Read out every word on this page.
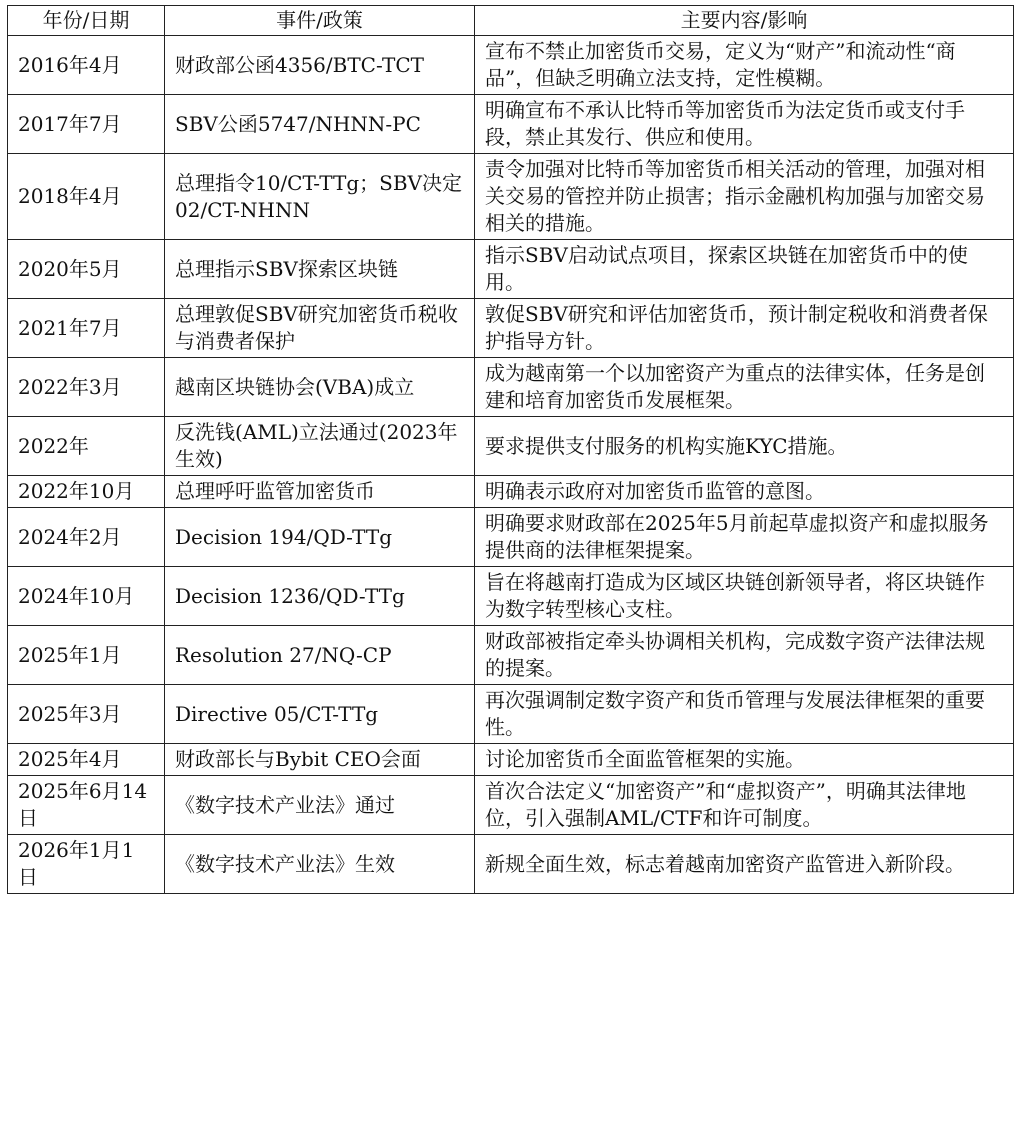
年份/日期	事件/政策	主要内容/影响
2016年4月	财政部公函4356/BTC-TCT	宣布不禁止加密货币交易，定义为“财产”和流动性“商品”，但缺乏明确立法支持，定性模糊。
2017年7月	SBV公函5747/NHNN-PC	明确宣布不承认比特币等加密货币为法定货币或支付手段，禁止其发行、供应和使用。
2018年4月	总理指令10/CT-TTg；SBV决定02/CT-NHNN	责令加强对比特币等加密货币相关活动的管理，加强对相关交易的管控并防止损害；指示金融机构加强与加密交易相关的措施。
2020年5月	总理指示SBV探索区块链	指示SBV启动试点项目，探索区块链在加密货币中的使用。
2021年7月	总理敦促SBV研究加密货币税收与消费者保护	敦促SBV研究和评估加密货币，预计制定税收和消费者保护指导方针。
2022年3月	越南区块链协会(VBA)成立	成为越南第一个以加密资产为重点的法律实体，任务是创建和培育加密货币发展框架。
2022年	反洗钱(AML)立法通过(2023年生效)	要求提供支付服务的机构实施KYC措施。
2022年10月	总理呼吁监管加密货币	明确表示政府对加密货币监管的意图。
2024年2月	Decision 194/QD-TTg	明确要求财政部在2025年5月前起草虚拟资产和虚拟服务提供商的法律框架提案。
2024年10月	Decision 1236/QD-TTg	旨在将越南打造成为区域区块链创新领导者，将区块链作为数字转型核心支柱。
2025年1月	Resolution 27/NQ-CP	财政部被指定牵头协调相关机构，完成数字资产法律法规的提案。
2025年3月	Directive 05/CT-TTg	再次强调制定数字资产和货币管理与发展法律框架的重要性。
2025年4月	财政部长与Bybit CEO会面	讨论加密货币全面监管框架的实施。
2025年6月14日	《数字技术产业法》通过	首次合法定义“加密资产”和“虚拟资产”，明确其法律地位，引入强制AML/CTF和许可制度。
2026年1月1日	《数字技术产业法》生效	新规全面生效，标志着越南加密资产监管进入新阶段。
